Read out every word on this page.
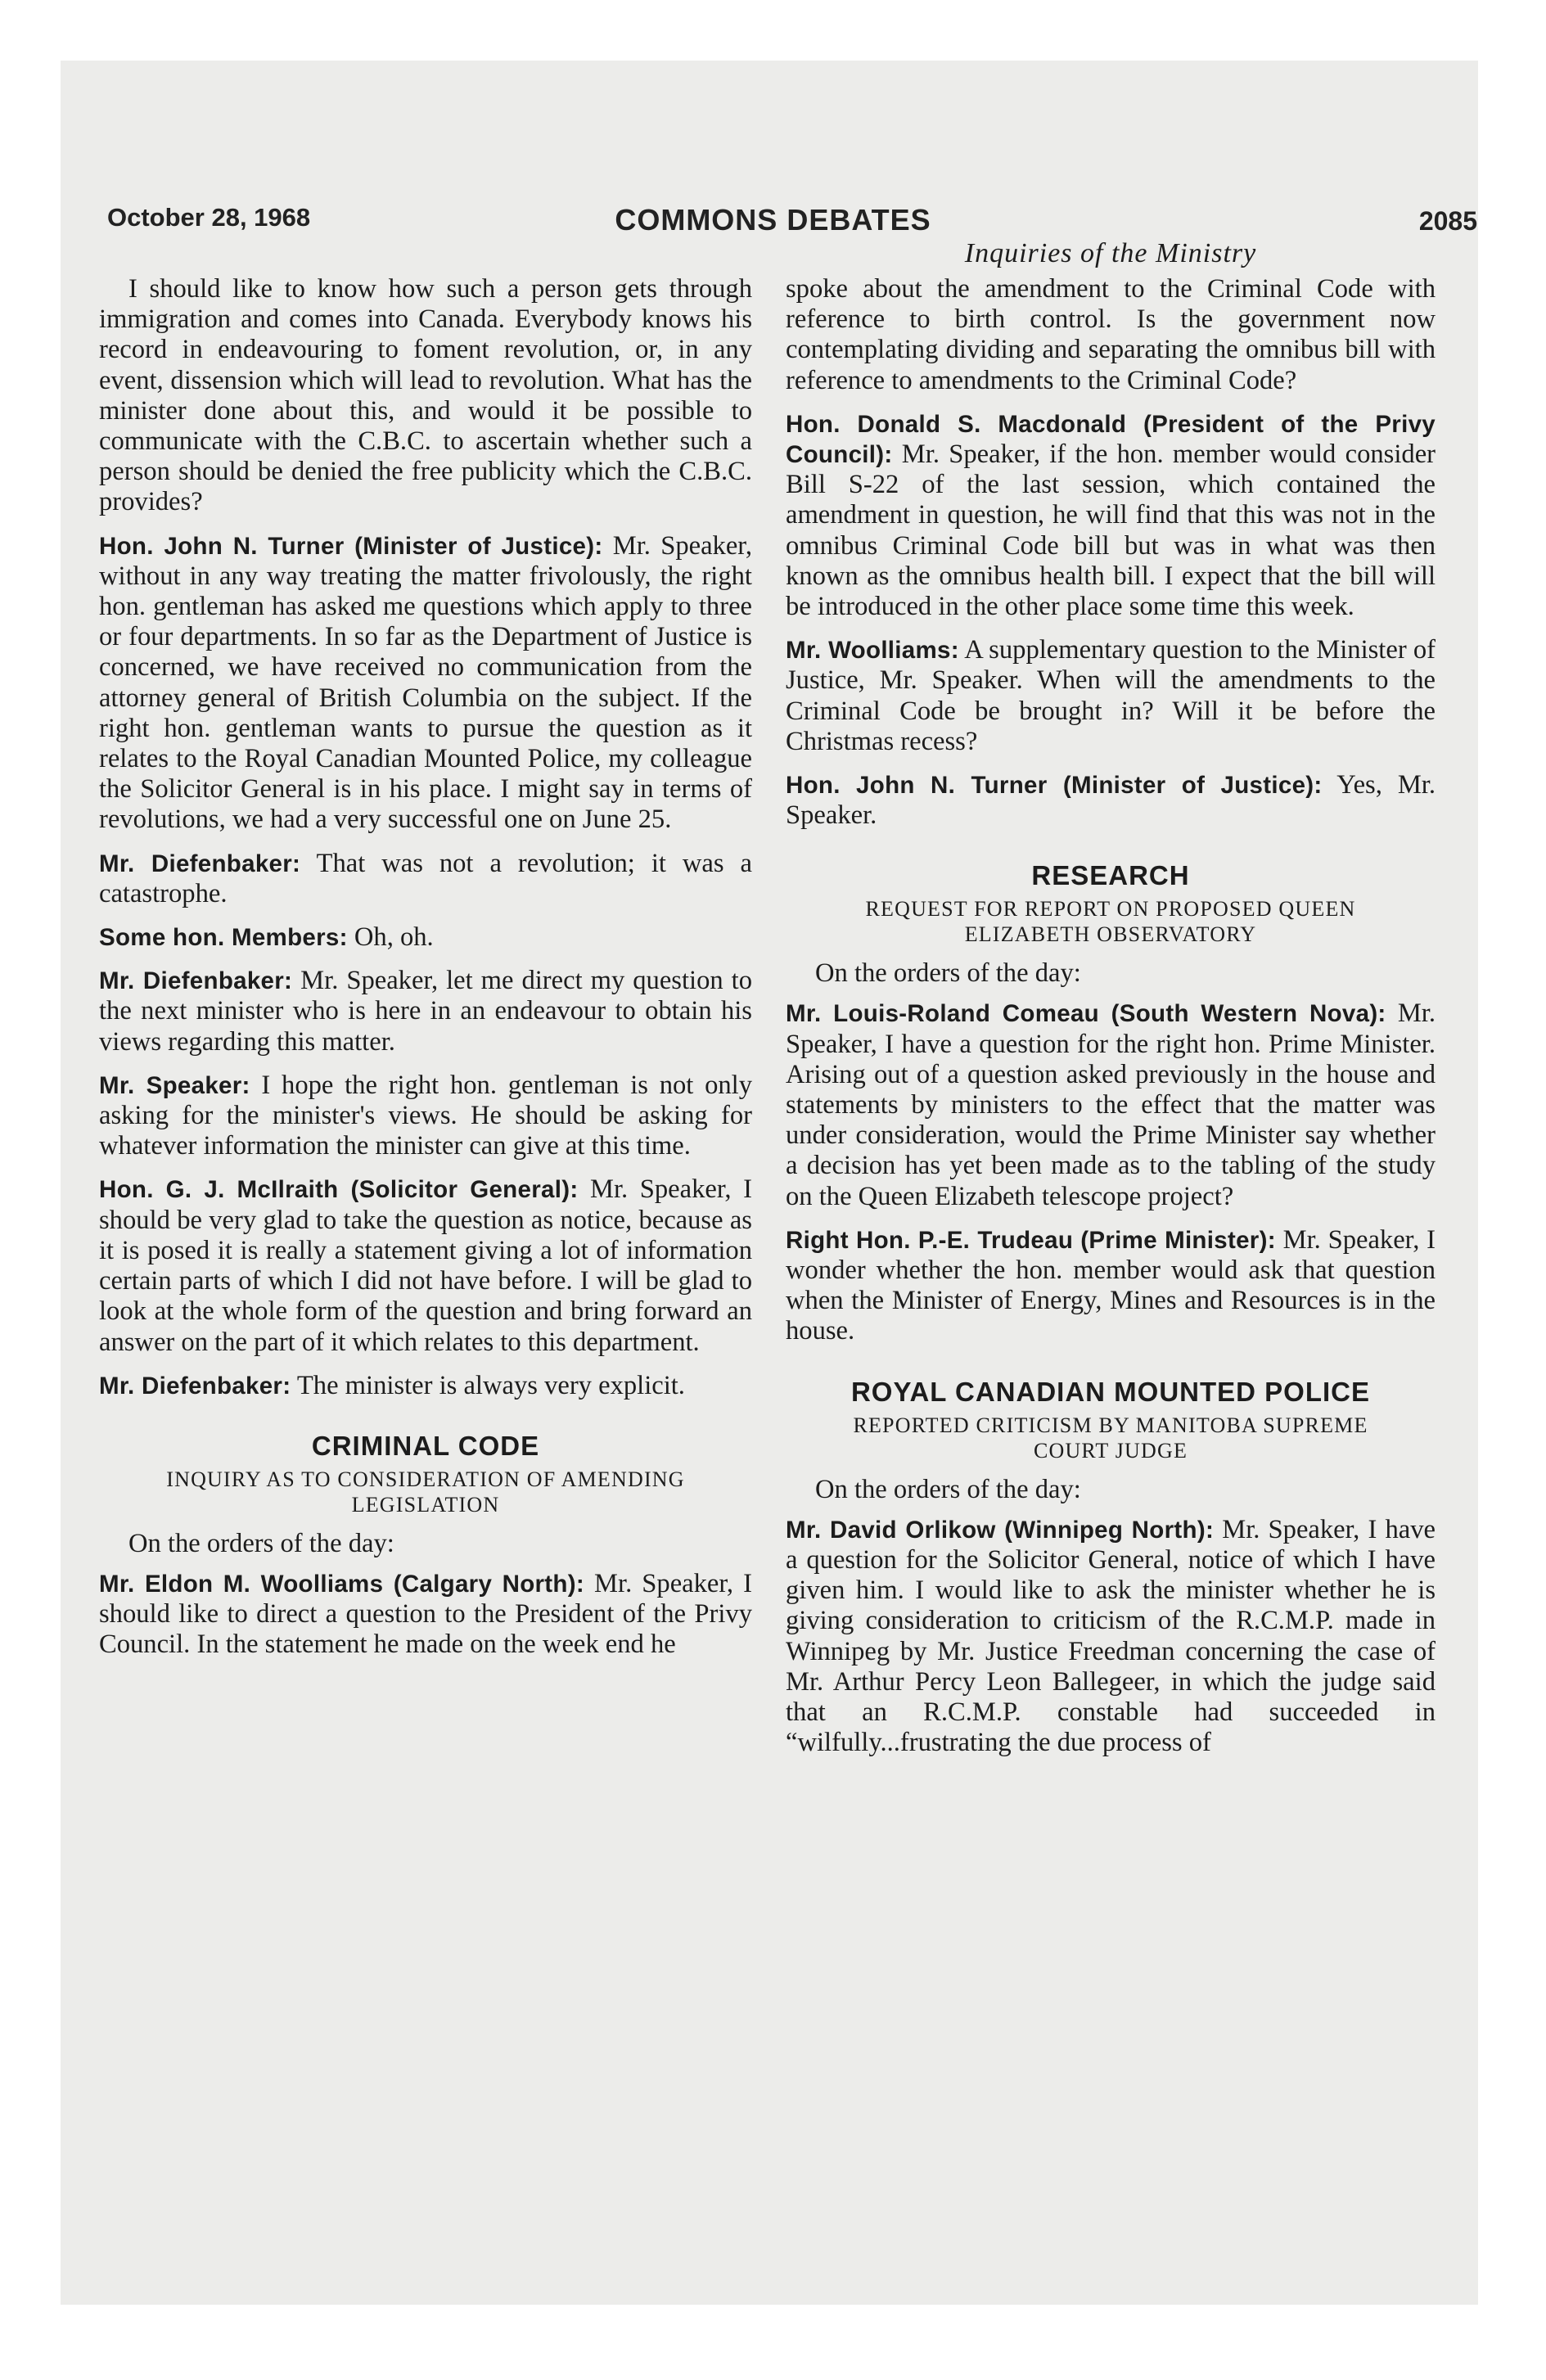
October 28, 1968	COMMONS DEBATES	2085
Inquiries of the Ministry

I should like to know how such a person gets through immigration and comes into Canada. Everybody knows his record in endeavouring to foment revolution, or, in any event, dissension which will lead to revolution. What has the minister done about this, and would it be possible to communicate with the C.B.C. to ascertain whether such a person should be denied the free publicity which the C.B.C. provides?

Hon. John N. Turner (Minister of Justice): Mr. Speaker, without in any way treating the matter frivolously, the right hon. gentleman has asked me questions which apply to three or four departments. In so far as the Department of Justice is concerned, we have received no communication from the attorney general of British Columbia on the subject. If the right hon. gentleman wants to pursue the question as it relates to the Royal Canadian Mounted Police, my colleague the Solicitor General is in his place. I might say in terms of revolutions, we had a very successful one on June 25.

Mr. Diefenbaker: That was not a revolution; it was a catastrophe.

Some hon. Members: Oh, oh.

Mr. Diefenbaker: Mr. Speaker, let me direct my question to the next minister who is here in an endeavour to obtain his views regarding this matter.

Mr. Speaker: I hope the right hon. gentleman is not only asking for the minister's views. He should be asking for whatever information the minister can give at this time.

Hon. G. J. McIlraith (Solicitor General): Mr. Speaker, I should be very glad to take the question as notice, because as it is posed it is really a statement giving a lot of information certain parts of which I did not have before. I will be glad to look at the whole form of the question and bring forward an answer on the part of it which relates to this department.

Mr. Diefenbaker: The minister is always very explicit.

CRIMINAL CODE
INQUIRY AS TO CONSIDERATION OF AMENDING LEGISLATION

On the orders of the day:

Mr. Eldon M. Woolliams (Calgary North): Mr. Speaker, I should like to direct a question to the President of the Privy Council. In the statement he made on the week end he

spoke about the amendment to the Criminal Code with reference to birth control. Is the government now contemplating dividing and separating the omnibus bill with reference to amendments to the Criminal Code?

Hon. Donald S. Macdonald (President of the Privy Council): Mr. Speaker, if the hon. member would consider Bill S-22 of the last session, which contained the amendment in question, he will find that this was not in the omnibus Criminal Code bill but was in what was then known as the omnibus health bill. I expect that the bill will be introduced in the other place some time this week.

Mr. Woolliams: A supplementary question to the Minister of Justice, Mr. Speaker. When will the amendments to the Criminal Code be brought in? Will it be before the Christmas recess?

Hon. John N. Turner (Minister of Justice): Yes, Mr. Speaker.

RESEARCH
REQUEST FOR REPORT ON PROPOSED QUEEN ELIZABETH OBSERVATORY

On the orders of the day:

Mr. Louis-Roland Comeau (South Western Nova): Mr. Speaker, I have a question for the right hon. Prime Minister. Arising out of a question asked previously in the house and statements by ministers to the effect that the matter was under consideration, would the Prime Minister say whether a decision has yet been made as to the tabling of the study on the Queen Elizabeth telescope project?

Right Hon. P.-E. Trudeau (Prime Minister): Mr. Speaker, I wonder whether the hon. member would ask that question when the Minister of Energy, Mines and Resources is in the house.

ROYAL CANADIAN MOUNTED POLICE
REPORTED CRITICISM BY MANITOBA SUPREME COURT JUDGE

On the orders of the day:

Mr. David Orlikow (Winnipeg North): Mr. Speaker, I have a question for the Solicitor General, notice of which I have given him. I would like to ask the minister whether he is giving consideration to criticism of the R.C.M.P. made in Winnipeg by Mr. Justice Freedman concerning the case of Mr. Arthur Percy Leon Ballegeer, in which the judge said that an R.C.M.P. constable had succeeded in “wilfully...frustrating the due process of
